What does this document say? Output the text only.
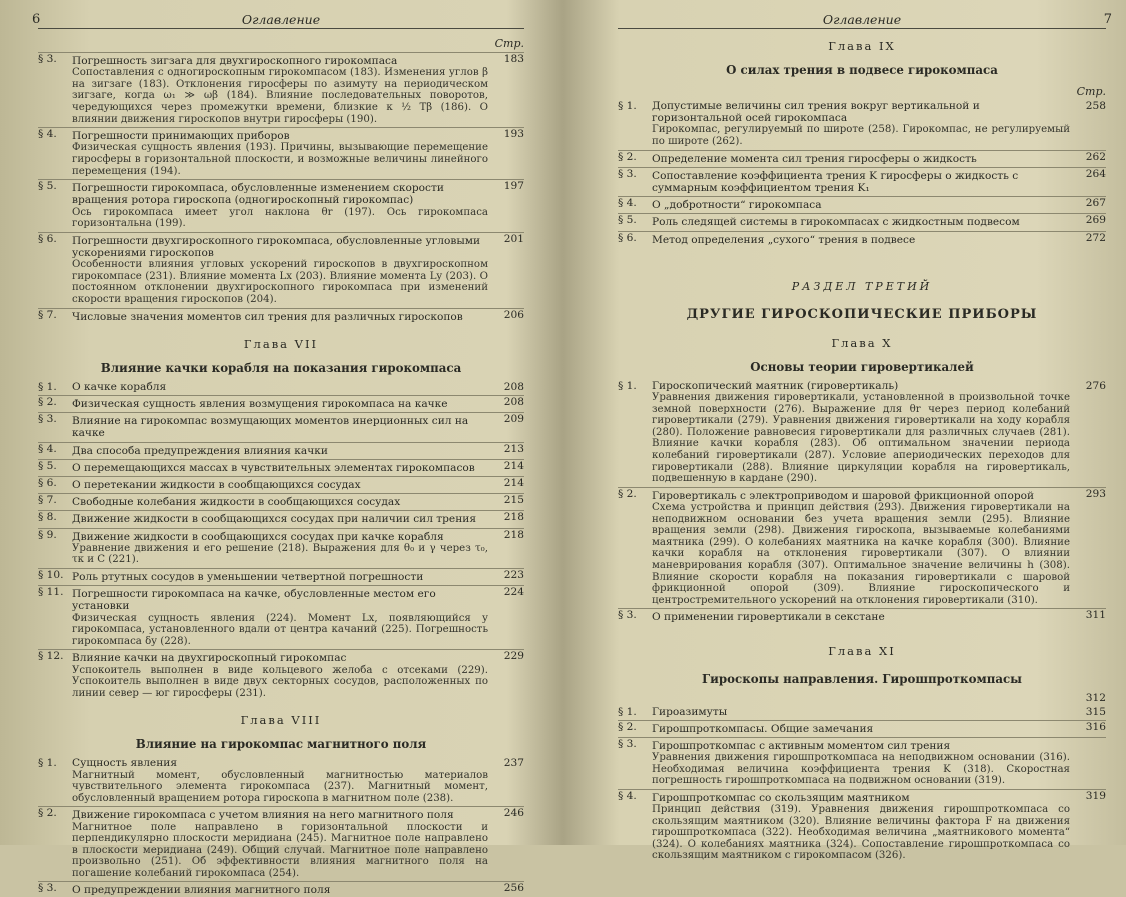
6	Оглавление
Стр.
§ 3. Погрешность зигзага для двухгироскопного гирокомпаса	183
Сопоставления с одногироскопным гирокомпасом (183). Изменения углов β на зигзаге (183). Отклонения гиросферы по азимуту на периодическом зигзаге, когда ω₁ ≫ ωβ (184). Влияние последовательных поворотов, чередующихся через промежутки времени, близкие к ½ Tβ (186). О влиянии движения гироскопов внутри гиросферы (190).
§ 4. Погрешности принимающих приборов	193
Физическая сущность явления (193). Причины, вызывающие перемещение гиросферы в горизонтальной плоскости, и возможные величины линейного перемещения (194).
§ 5. Погрешности гирокомпаса, обусловленные изменением скорости вращения ротора гироскопа (одногироскопный гирокомпас)
197
Ось гирокомпаса имеет угол наклона θr (197). Ось гирокомпаса горизонтальна (199).
§ 6. Погрешности двухгироскопного гирокомпаса, обусловленные угловыми ускорениями гироскопов
201
Особенности влияния угловых ускорений гироскопов в двухгироскопном гирокомпасе (231). Влияние момента Lx (203). Влияние момента Ly (203). О постоянном отклонении двухгироскопного гирокомпаса при изменений скорости вращения гироскопов (204).
§ 7. Числовые значения моментов сил трения для различных гироскопов	206
Глава VII
Влияние качки корабля на показания гирокомпаса
§ 1. О качке корабля	208
§ 2. Физическая сущность явления возмущения гирокомпаса на качке	208
§ 3. Влияние на гирокомпас возмущающих моментов инерционных сил на качке
209
§ 4. Два способа предупреждения влияния качки	213
§ 5. О перемещающихся массах в чувствительных элементах гирокомпасов	214
§ 6. О перетекании жидкости в сообщающихся сосудах	214
§ 7. Свободные колебания жидкости в сообщающихся сосудах	215
§ 8. Движение жидкости в сообщающихся сосудах при наличии сил трения	218
§ 9. Движение жидкости в сообщающихся сосудах при качке корабля	218
Уравнение движения и его решение (218). Выражения для θ₀ и γ через τ₀, τκ и C (221).
§ 10. Роль ртутных сосудов в уменьшении четвертной погрешности	223
§ 11. Погрешности гирокомпаса на качке, обусловленные местом его установки
224
Физическая сущность явления (224). Момент Lx, появляющийся у гирокомпаса, установленного вдали от центра качаний (225). Погрешность гирокомпаса δy (228).
§ 12. Влияние качки на двухгироскопный гирокомпас	229
Успокоитель выполнен в виде кольцевого желоба с отсеками (229). Успокоитель выполнен в виде двух секторных сосудов, расположенных по линии север — юг гиросферы (231).
Глава VIII
Влияние на гирокомпас магнитного поля
§ 1. Сущность явления	237
Магнитный момент, обусловленный магнитностью материалов чувствительного элемента гирокомпаса (237). Магнитный момент, обусловленный вращением ротора гироскопа в магнитном поле (238).
§ 2. Движение гирокомпаса с учетом влияния на него магнитного поля	246
Магнитное поле направлено в горизонтальной плоскости и перпендикулярно плоскости меридиана (245). Магнитное поле направлено в плоскости меридиана (249). Общий случай. Магнитное поле направлено произвольно (251). Об эффективности влияния магнитного поля на погашение колебаний гирокомпаса (254).
§ 3. О предупреждении влияния магнитного поля	256
Оглавление	7
Глава IX
О силах трения в подвесе гирокомпаса
Стр.
§ 1. Допустимые величины сил трения вокруг вертикальной и горизонтальной осей гирокомпаса
258
Гирокомпас, регулируемый по широте (258). Гирокомпас, не регулируемый по широте (262).
§ 2. Определение момента сил трения гиросферы о жидкость	262
§ 3. Сопоставление коэффициента трения K гиросферы о жидкость с суммарным коэффициентом трения K₁
264
§ 4. О „добротности“ гирокомпаса	267
§ 5. Роль следящей системы в гирокомпасах с жидкостным подвесом	269
§ 6. Метод определения „сухого“ трения в подвесе	272
РАЗДЕЛ ТРЕТИЙ
ДРУГИЕ ГИРОСКОПИЧЕСКИЕ ПРИБОРЫ
Глава X
Основы теории гировертикалей
§ 1. Гироскопический маятник (гировертикаль)	276
Уравнения движения гировертикали, установленной в произвольной точке земной поверхности (276). Выражение для θr через период колебаний гировертикали (279). Уравнения движения гировертикали на ходу корабля (280). Положение равновесия гировертикали для различных случаев (281). Влияние качки корабля (283). Об оптимальном значении периода колебаний гировертикали (287). Условие апериодических переходов для гировертикали (288). Влияние циркуляции корабля на гировертикаль, подвешенную в кардане (290).
§ 2. Гировертикаль с электроприводом и шаровой фрикционной опорой	293
Схема устройства и принцип действия (293). Движения гировертикали на неподвижном основании без учета вращения земли (295). Влияние вращения земли (298). Движения гироскопа, вызываемые колебаниями маятника (299). О колебаниях маятника на качке корабля (300). Влияние качки корабля на отклонения гировертикали (307). О влиянии маневрирования корабля (307). Оптимальное значение величины h (308). Влияние скорости корабля на показания гировертикали с шаровой фрикционной опорой (309). Влияние гироскопического и центростремительного ускорений на отклонения гировертикали (310).
§ 3. О применении гировертикали в секстане	311
Глава XI
Гироскопы направления. Гирошпроткомпасы
312
§ 1. Гироазимуты	315
§ 2. Гирошпроткомпасы. Общие замечания	316
§ 3. Гирошпроткомпас с активным моментом сил трения
Уравнения движения гирошпроткомпаса на неподвижном основании (316). Необходимая величина коэффициента трения K (318). Скоростная погрешность гирошпроткомпаса на подвижном основании (319).
§ 4. Гирошпроткомпас со скользящим маятником	319
Принцип действия (319). Уравнения движения гирошпроткомпаса со скользящим маятником (320). Влияние величины фактора F на движения гирошпроткомпаса (322). Необходимая величина „маятникового момента“ (324). О колебаниях маятника (324). Сопоставление гирошпроткомпаса со скользящим маятником с гирокомпасом (326).
